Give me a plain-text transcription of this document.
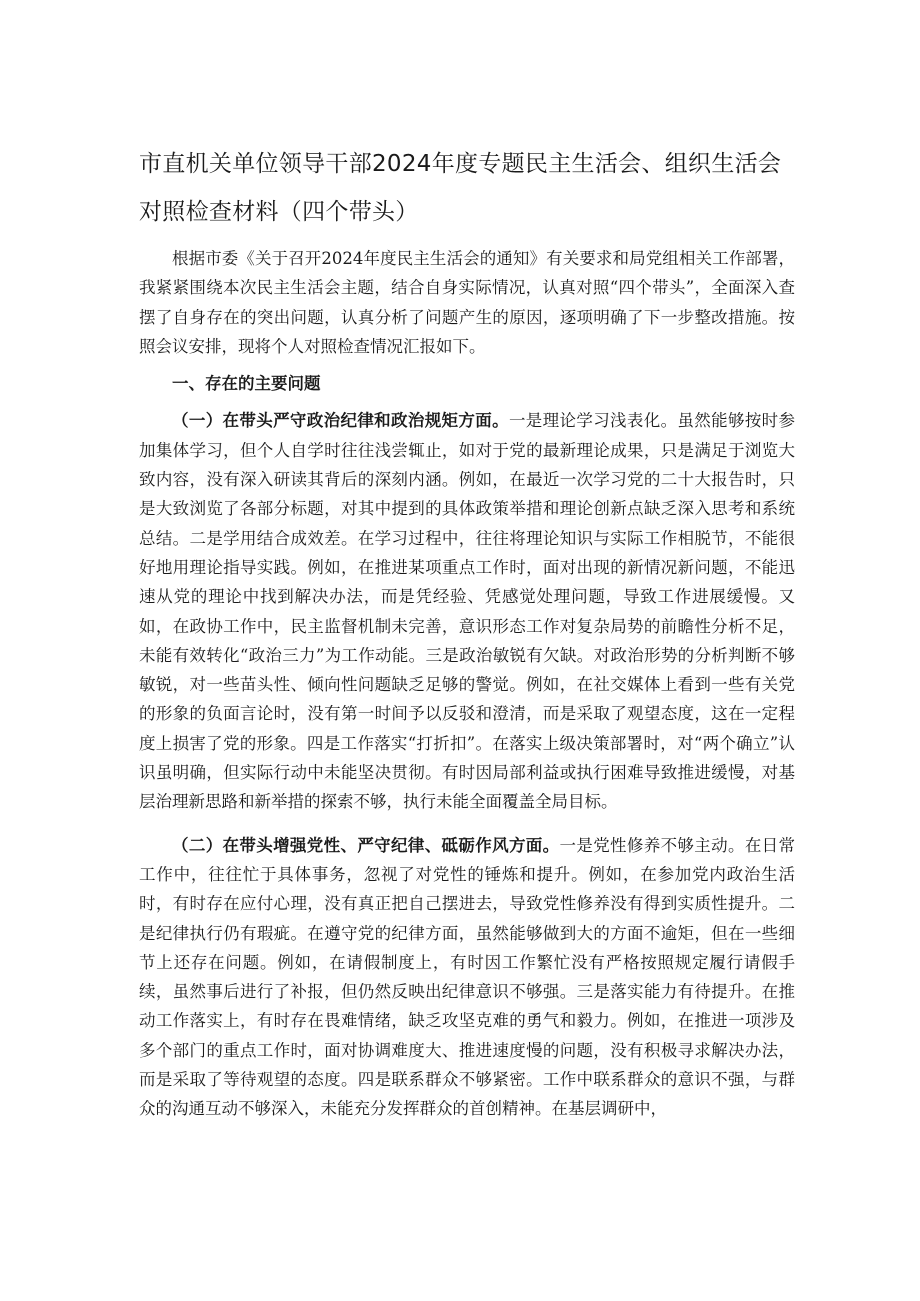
市直机关单位领导干部2024年度专题民主生活会、组织生活会对照检查材料（四个带头）

根据市委《关于召开2024年度民主生活会的通知》有关要求和局党组相关工作部署，我紧紧围绕本次民主生活会主题，结合自身实际情况，认真对照“四个带头”，全面深入查摆了自身存在的突出问题，认真分析了问题产生的原因，逐项明确了下一步整改措施。按照会议安排，现将个人对照检查情况汇报如下。

一、存在的主要问题

（一）在带头严守政治纪律和政治规矩方面。一是理论学习浅表化。虽然能够按时参加集体学习，但个人自学时往往浅尝辄止，如对于党的最新理论成果，只是满足于浏览大致内容，没有深入研读其背后的深刻内涵。例如，在最近一次学习党的二十大报告时，只是大致浏览了各部分标题，对其中提到的具体政策举措和理论创新点缺乏深入思考和系统总结。二是学用结合成效差。在学习过程中，往往将理论知识与实际工作相脱节，不能很好地用理论指导实践。例如，在推进某项重点工作时，面对出现的新情况新问题，不能迅速从党的理论中找到解决办法，而是凭经验、凭感觉处理问题，导致工作进展缓慢。又如，在政协工作中，民主监督机制未完善，意识形态工作对复杂局势的前瞻性分析不足，未能有效转化“政治三力”为工作动能。三是政治敏锐有欠缺。对政治形势的分析判断不够敏锐，对一些苗头性、倾向性问题缺乏足够的警觉。例如，在社交媒体上看到一些有关党的形象的负面言论时，没有第一时间予以反驳和澄清，而是采取了观望态度，这在一定程度上损害了党的形象。四是工作落实“打折扣”。在落实上级决策部署时，对“两个确立”认识虽明确，但实际行动中未能坚决贯彻。有时因局部利益或执行困难导致推进缓慢，对基层治理新思路和新举措的探索不够，执行未能全面覆盖全局目标。

（二）在带头增强党性、严守纪律、砥砺作风方面。一是党性修养不够主动。在日常工作中，往往忙于具体事务，忽视了对党性的锤炼和提升。例如，在参加党内政治生活时，有时存在应付心理，没有真正把自己摆进去，导致党性修养没有得到实质性提升。二是纪律执行仍有瑕疵。在遵守党的纪律方面，虽然能够做到大的方面不逾矩，但在一些细节上还存在问题。例如，在请假制度上，有时因工作繁忙没有严格按照规定履行请假手续，虽然事后进行了补报，但仍然反映出纪律意识不够强。三是落实能力有待提升。在推动工作落实上，有时存在畏难情绪，缺乏攻坚克难的勇气和毅力。例如，在推进一项涉及多个部门的重点工作时，面对协调难度大、推进速度慢的问题，没有积极寻求解决办法，而是采取了等待观望的态度。四是联系群众不够紧密。工作中联系群众的意识不强，与群众的沟通互动不够深入，未能充分发挥群众的首创精神。在基层调研中，
